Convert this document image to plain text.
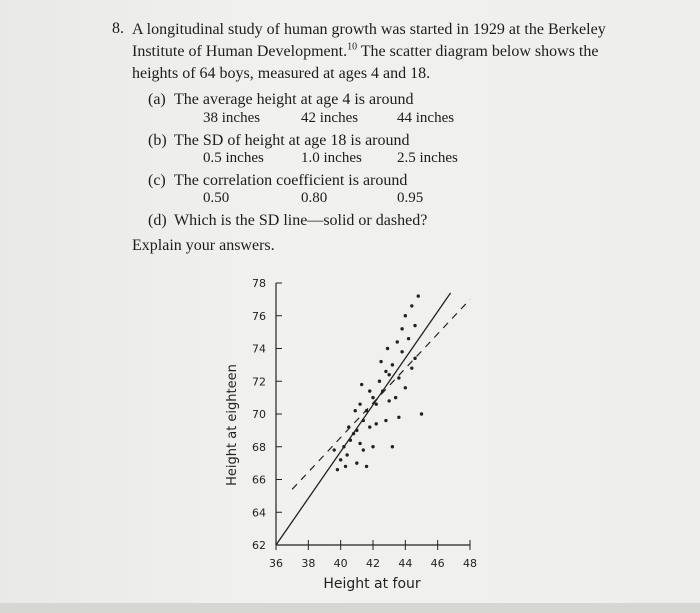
8. A longitudinal study of human growth was started in 1929 at the Berkeley
Institute of Human Development.$^{10}$ The scatter diagram below shows the
heights of 64 boys, measured at ages 4 and 18.
(a) The average height at age 4 is around
38 inches	42 inches	44 inches
(b) The SD of height at age 18 is around
0.5 inches 1.0 inches 2.5 inches
(c) The correlation coefficient is around
0.50	0.80	0.95
(d) Which is the SD line—solid or dashed?
Explain your answers.
36 38 40 42 44 46 48
62
64
66
68
70
72
74
76
78
Height at four
Height at eighteen
